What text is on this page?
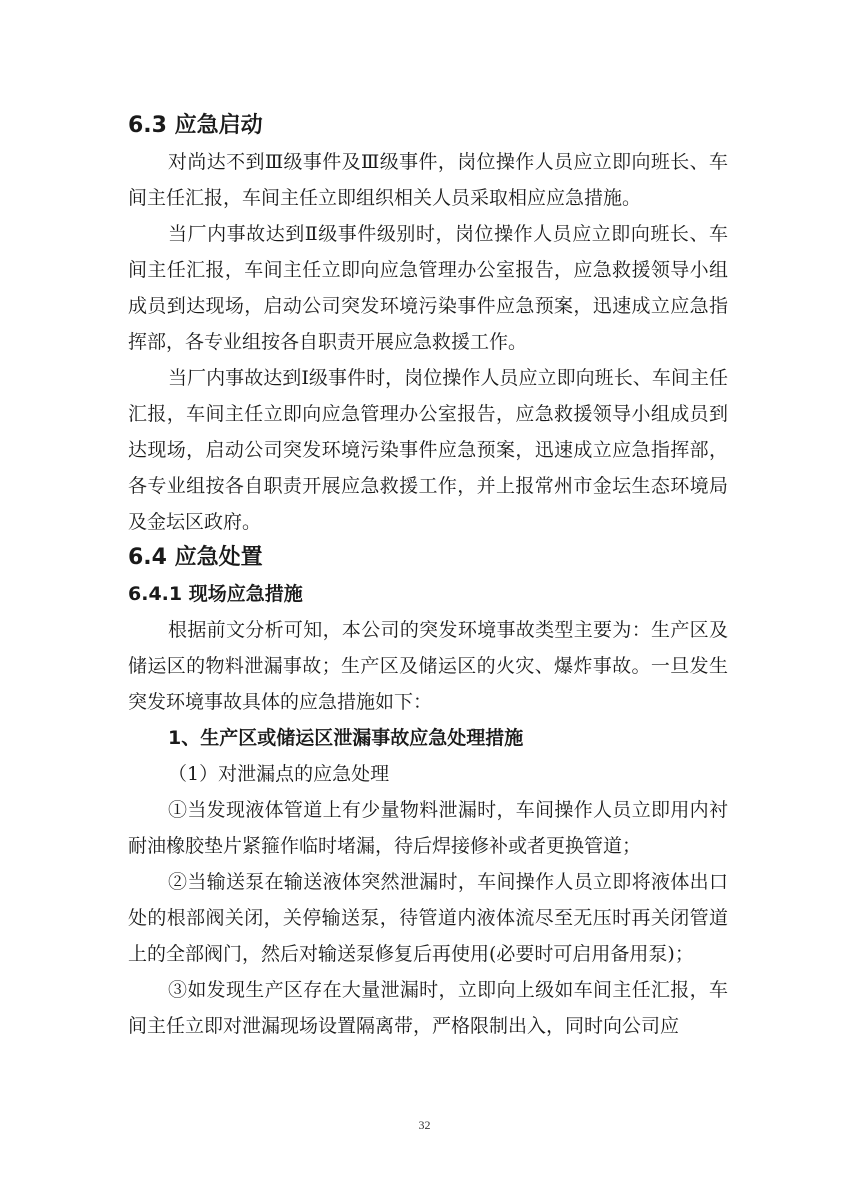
6.3 应急启动

对尚达不到Ⅲ级事件及Ⅲ级事件，岗位操作人员应立即向班长、车间主任汇报，车间主任立即组织相关人员采取相应应急措施。

当厂内事故达到Ⅱ级事件级别时，岗位操作人员应立即向班长、车间主任汇报，车间主任立即向应急管理办公室报告，应急救援领导小组成员到达现场，启动公司突发环境污染事件应急预案，迅速成立应急指挥部，各专业组按各自职责开展应急救援工作。

当厂内事故达到Ⅰ级事件时，岗位操作人员应立即向班长、车间主任汇报，车间主任立即向应急管理办公室报告，应急救援领导小组成员到达现场，启动公司突发环境污染事件应急预案，迅速成立应急指挥部，各专业组按各自职责开展应急救援工作，并上报常州市金坛生态环境局及金坛区政府。

6.4 应急处置
6.4.1 现场应急措施

根据前文分析可知，本公司的突发环境事故类型主要为：生产区及储运区的物料泄漏事故；生产区及储运区的火灾、爆炸事故。一旦发生突发环境事故具体的应急措施如下：

1、生产区或储运区泄漏事故应急处理措施

（1）对泄漏点的应急处理

①当发现液体管道上有少量物料泄漏时，车间操作人员立即用内衬耐油橡胶垫片紧箍作临时堵漏，待后焊接修补或者更换管道；

②当输送泵在输送液体突然泄漏时，车间操作人员立即将液体出口处的根部阀关闭，关停输送泵，待管道内液体流尽至无压时再关闭管道上的全部阀门，然后对输送泵修复后再使用(必要时可启用备用泵)；

③如发现生产区存在大量泄漏时，立即向上级如车间主任汇报，车间主任立即对泄漏现场设置隔离带，严格限制出入，同时向公司应

32
